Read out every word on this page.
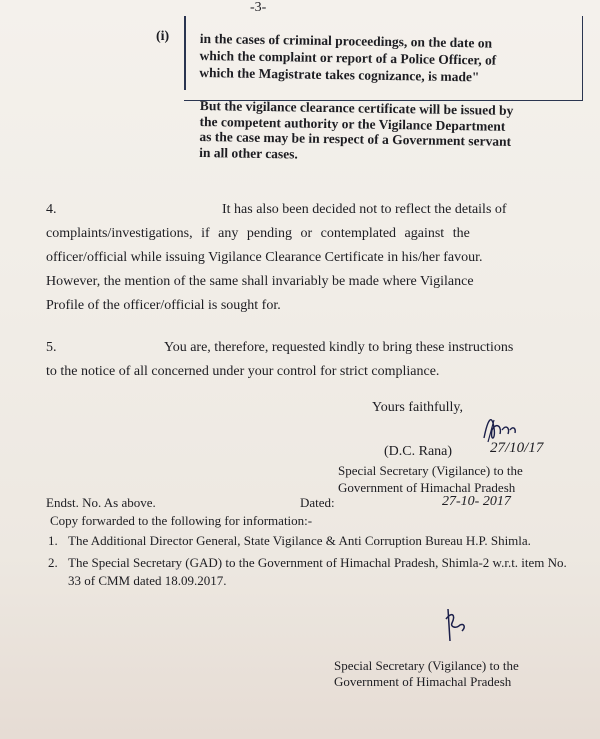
-3-
(i) in the cases of criminal proceedings, on the date on
which the complaint or report of a Police Officer, of
which the Magistrate takes cognizance, is made"
But the vigilance clearance certificate will be issued by
the competent authority or the Vigilance Department
as the case may be in respect of a Government servant
in all other cases.
4.	It has also been decided not to reflect the details of
complaints/investigations, if any pending or contemplated against the
officer/official while issuing Vigilance Clearance Certificate in his/her favour.
However, the mention of the same shall invariably be made where Vigilance
Profile of the officer/official is sought for.
5.	You are, therefore, requested kindly to bring these instructions
to the notice of all concerned under your control for strict compliance.
Yours faithfully,
27/10/17
(D.C. Rana)
Special Secretary (Vigilance) to the
Government of Himachal Pradesh
Endst. No. As above.	Dated:	27-10- 2017
Copy forwarded to the following for information:-
1. The Additional Director General, State Vigilance & Anti Corruption Bureau H.P. Shimla.
2. The Special Secretary (GAD) to the Government of Himachal Pradesh, Shimla-2 w.r.t. item No. 33 of CMM dated 18.09.2017.
Special Secretary (Vigilance) to the
Government of Himachal Pradesh
